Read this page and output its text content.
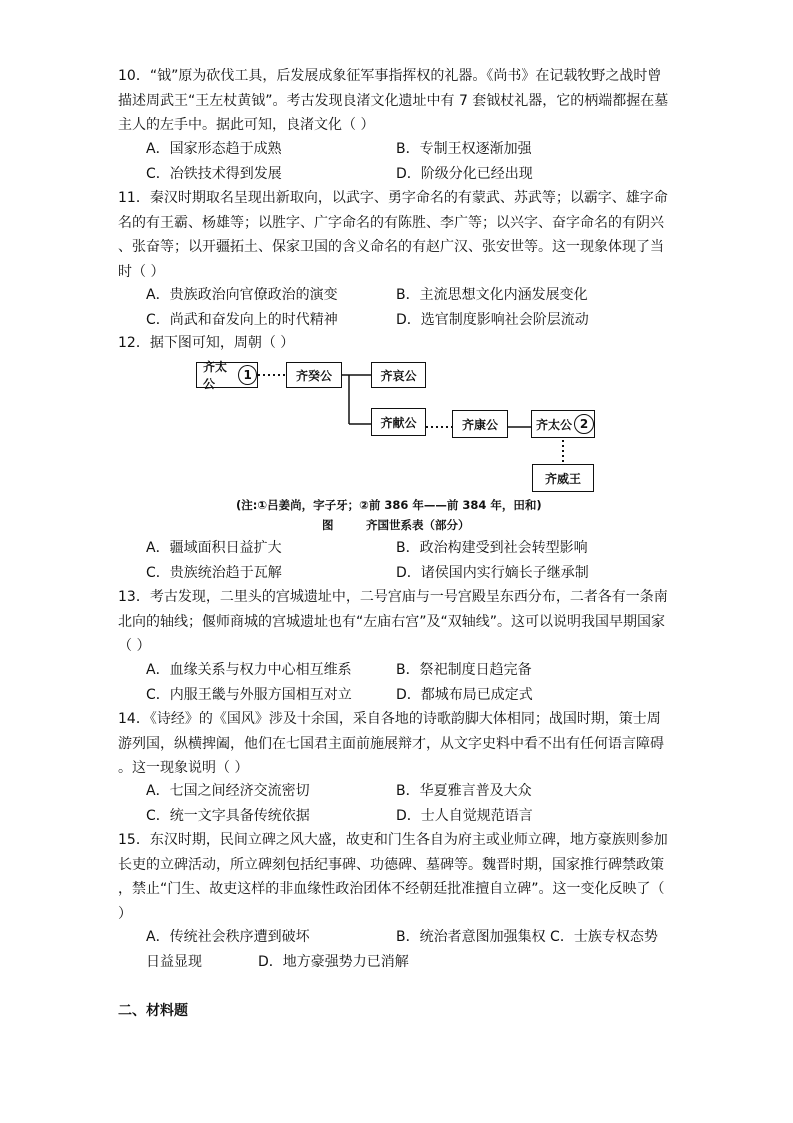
10．“钺”原为砍伐工具，后发展成象征军事指挥权的礼器。《尚书》在记载牧野之战时曾

描述周武王“王左杖黄钺”。考古发现良渚文化遗址中有 7 套钺杖礼器，它的柄端都握在墓

主人的左手中。据此可知，良渚文化（ ）

A．国家形态趋于成熟	B．专制王权逐渐加强
C．冶铁技术得到发展	D．阶级分化已经出现

11．秦汉时期取名呈现出新取向，以武字、勇字命名的有蒙武、苏武等；以霸字、雄字命

名的有王霸、杨雄等；以胜字、广字命名的有陈胜、李广等；以兴字、奋字命名的有阴兴

、张奋等；以开疆拓土、保家卫国的含义命名的有赵广汉、张安世等。这一现象体现了当

时（ ）

A．贵族政治向官僚政治的演变	B．主流思想文化内涵发展变化
C．尚武和奋发向上的时代精神	D．选官制度影响社会阶层流动

12．据下图可知，周朝（ ）

齐太公
1	齐癸公	齐哀公
齐献公	齐康公	齐太公 2
齐威王
(注:①吕姜尚，字子牙；②前 386 年——前 384 年，田和)
图	齐国世系表（部分）
A．疆域面积日益扩大	B．政治构建受到社会转型影响
C．贵族统治趋于瓦解	D．诸侯国内实行嫡长子继承制

13．考古发现，二里头的宫城遗址中，二号宫庙与一号宫殿呈东西分布，二者各有一条南

北向的轴线；偃师商城的宫城遗址也有“左庙右宫”及“双轴线”。这可以说明我国早期国家

（ ）

A．血缘关系与权力中心相互维系	B．祭祀制度日趋完备
C．内服王畿与外服方国相互对立	D．都城布局已成定式

14．《诗经》的《国风》涉及十余国，采自各地的诗歌韵脚大体相同；战国时期，策士周

游列国，纵横捭阖，他们在七国君主面前施展辩才，从文字史料中看不出有任何语言障碍

。这一现象说明（ ）

A．七国之间经济交流密切	B．华夏雅言普及大众
C．统一文字具备传统依据	D．士人自觉规范语言

15．东汉时期，民间立碑之风大盛，故吏和门生各自为府主或业师立碑，地方豪族则参加

长吏的立碑活动，所立碑刻包括纪事碑、功德碑、墓碑等。魏晋时期，国家推行碑禁政策

，禁止“门生、故吏这样的非血缘性政治团体不经朝廷批准擅自立碑”。这一变化反映了（

）

A．传统社会秩序遭到破坏	B．统治者意图加强集权 C．士族专权态势
日益显现	D．地方豪强势力已消解
二、材料题
